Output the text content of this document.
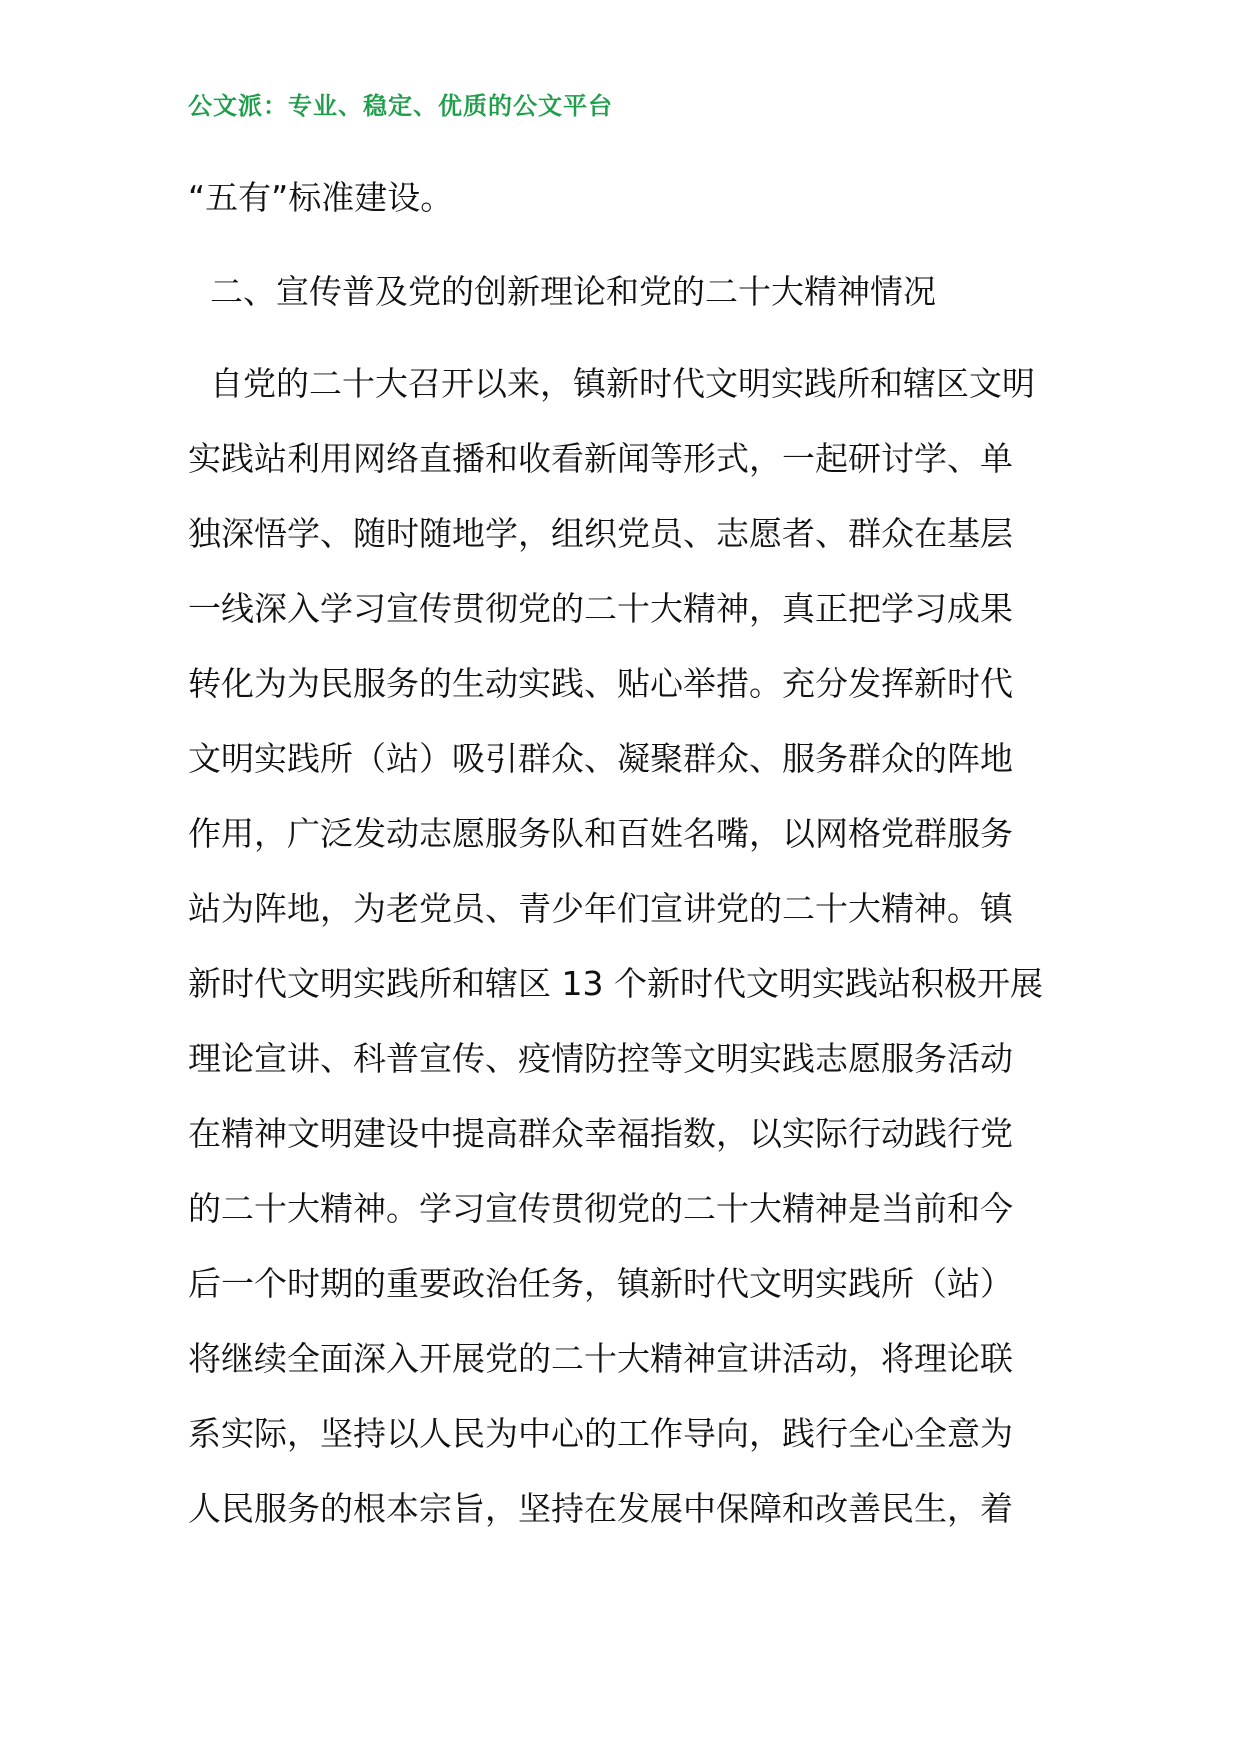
公文派：专业、稳定、优质的公文平台
“五有”标准建设。
二、宣传普及党的创新理论和党的二十大精神情况
自党的二十大召开以来，镇新时代文明实践所和辖区文明
实践站利用网络直播和收看新闻等形式，一起研讨学、单
独深悟学、随时随地学，组织党员、志愿者、群众在基层
一线深入学习宣传贯彻党的二十大精神，真正把学习成果
转化为为民服务的生动实践、贴心举措。充分发挥新时代
文明实践所（站）吸引群众、凝聚群众、服务群众的阵地
作用，广泛发动志愿服务队和百姓名嘴，以网格党群服务
站为阵地，为老党员、青少年们宣讲党的二十大精神。镇
新时代文明实践所和辖区 13 个新时代文明实践站积极开展
理论宣讲、科普宣传、疫情防控等文明实践志愿服务活动
在精神文明建设中提高群众幸福指数，以实际行动践行党
的二十大精神。学习宣传贯彻党的二十大精神是当前和今
后一个时期的重要政治任务，镇新时代文明实践所（站）
将继续全面深入开展党的二十大精神宣讲活动，将理论联
系实际，坚持以人民为中心的工作导向，践行全心全意为
人民服务的根本宗旨，坚持在发展中保障和改善民生，着
